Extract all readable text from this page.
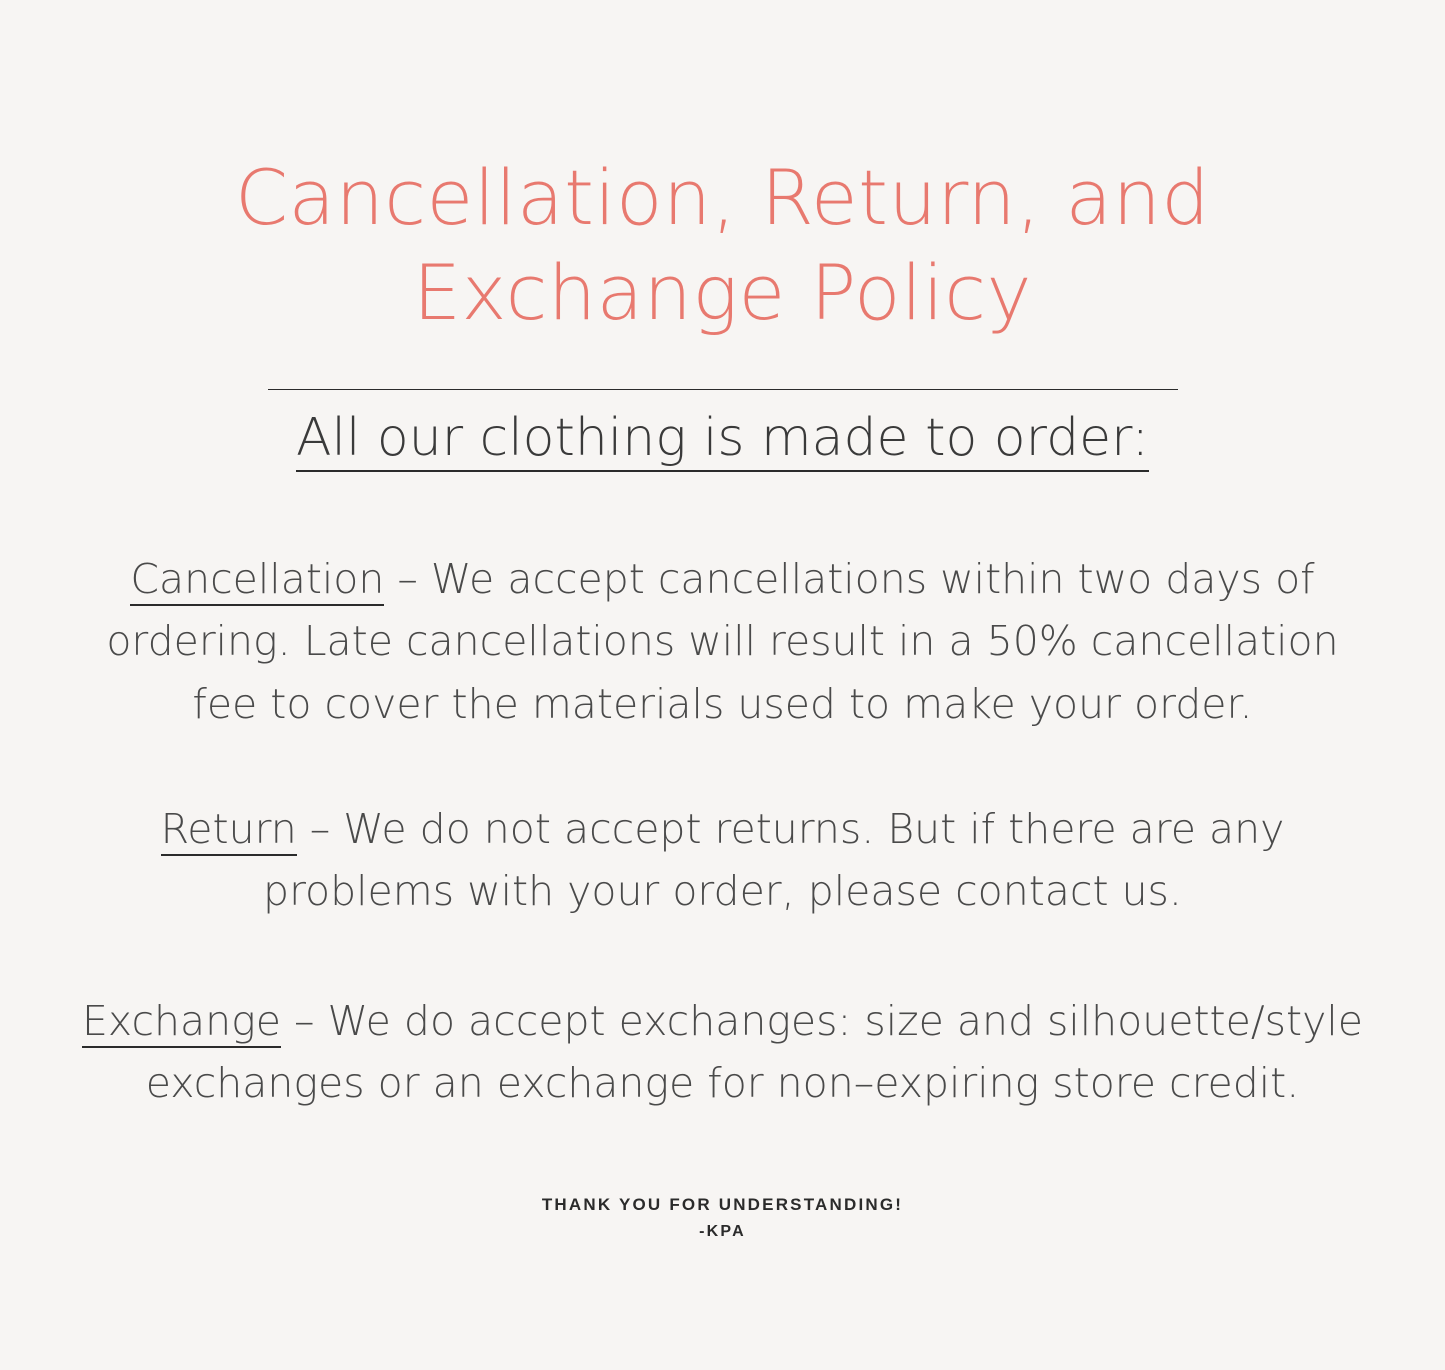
Cancellation, Return, and Exchange Policy
All our clothing is made to order:
Cancellation – We accept cancellations within two days of ordering. Late cancellations will result in a 50% cancellation fee to cover the materials used to make your order.
Return – We do not accept returns. But if there are any problems with your order, please contact us.
Exchange – We do accept exchanges: size and silhouette/style exchanges or an exchange for non–expiring store credit.
THANK YOU FOR UNDERSTANDING!
-KPA
